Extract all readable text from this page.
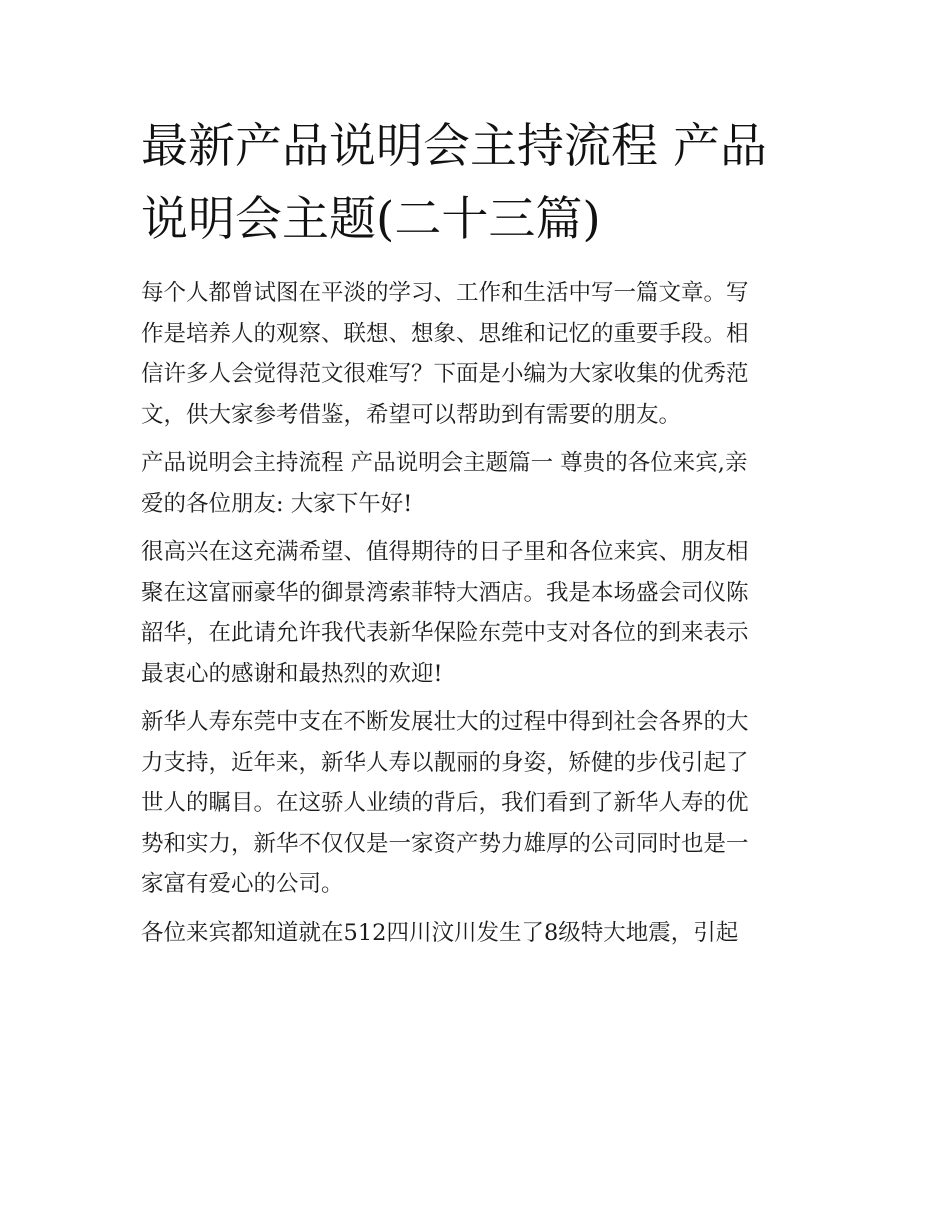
最新产品说明会主持流程 产品
说明会主题(二十三篇)

每个人都曾试图在平淡的学习、工作和生活中写一篇文章。写
作是培养人的观察、联想、想象、思维和记忆的重要手段。相
信许多人会觉得范文很难写？下面是小编为大家收集的优秀范
文，供大家参考借鉴，希望可以帮助到有需要的朋友。

产品说明会主持流程 产品说明会主题篇一 尊贵的各位来宾,亲
爱的各位朋友: 大家下午好!

很高兴在这充满希望、值得期待的日子里和各位来宾、朋友相
聚在这富丽豪华的御景湾索菲特大酒店。我是本场盛会司仪陈
韶华，在此请允许我代表新华保险东莞中支对各位的到来表示
最衷心的感谢和最热烈的欢迎!

新华人寿东莞中支在不断发展壮大的过程中得到社会各界的大
力支持，近年来，新华人寿以靓丽的身姿，矫健的步伐引起了
世人的瞩目。在这骄人业绩的背后，我们看到了新华人寿的优
势和实力，新华不仅仅是一家资产势力雄厚的公司同时也是一
家富有爱心的公司。

各位来宾都知道就在512四川汶川发生了8级特大地震，引起
